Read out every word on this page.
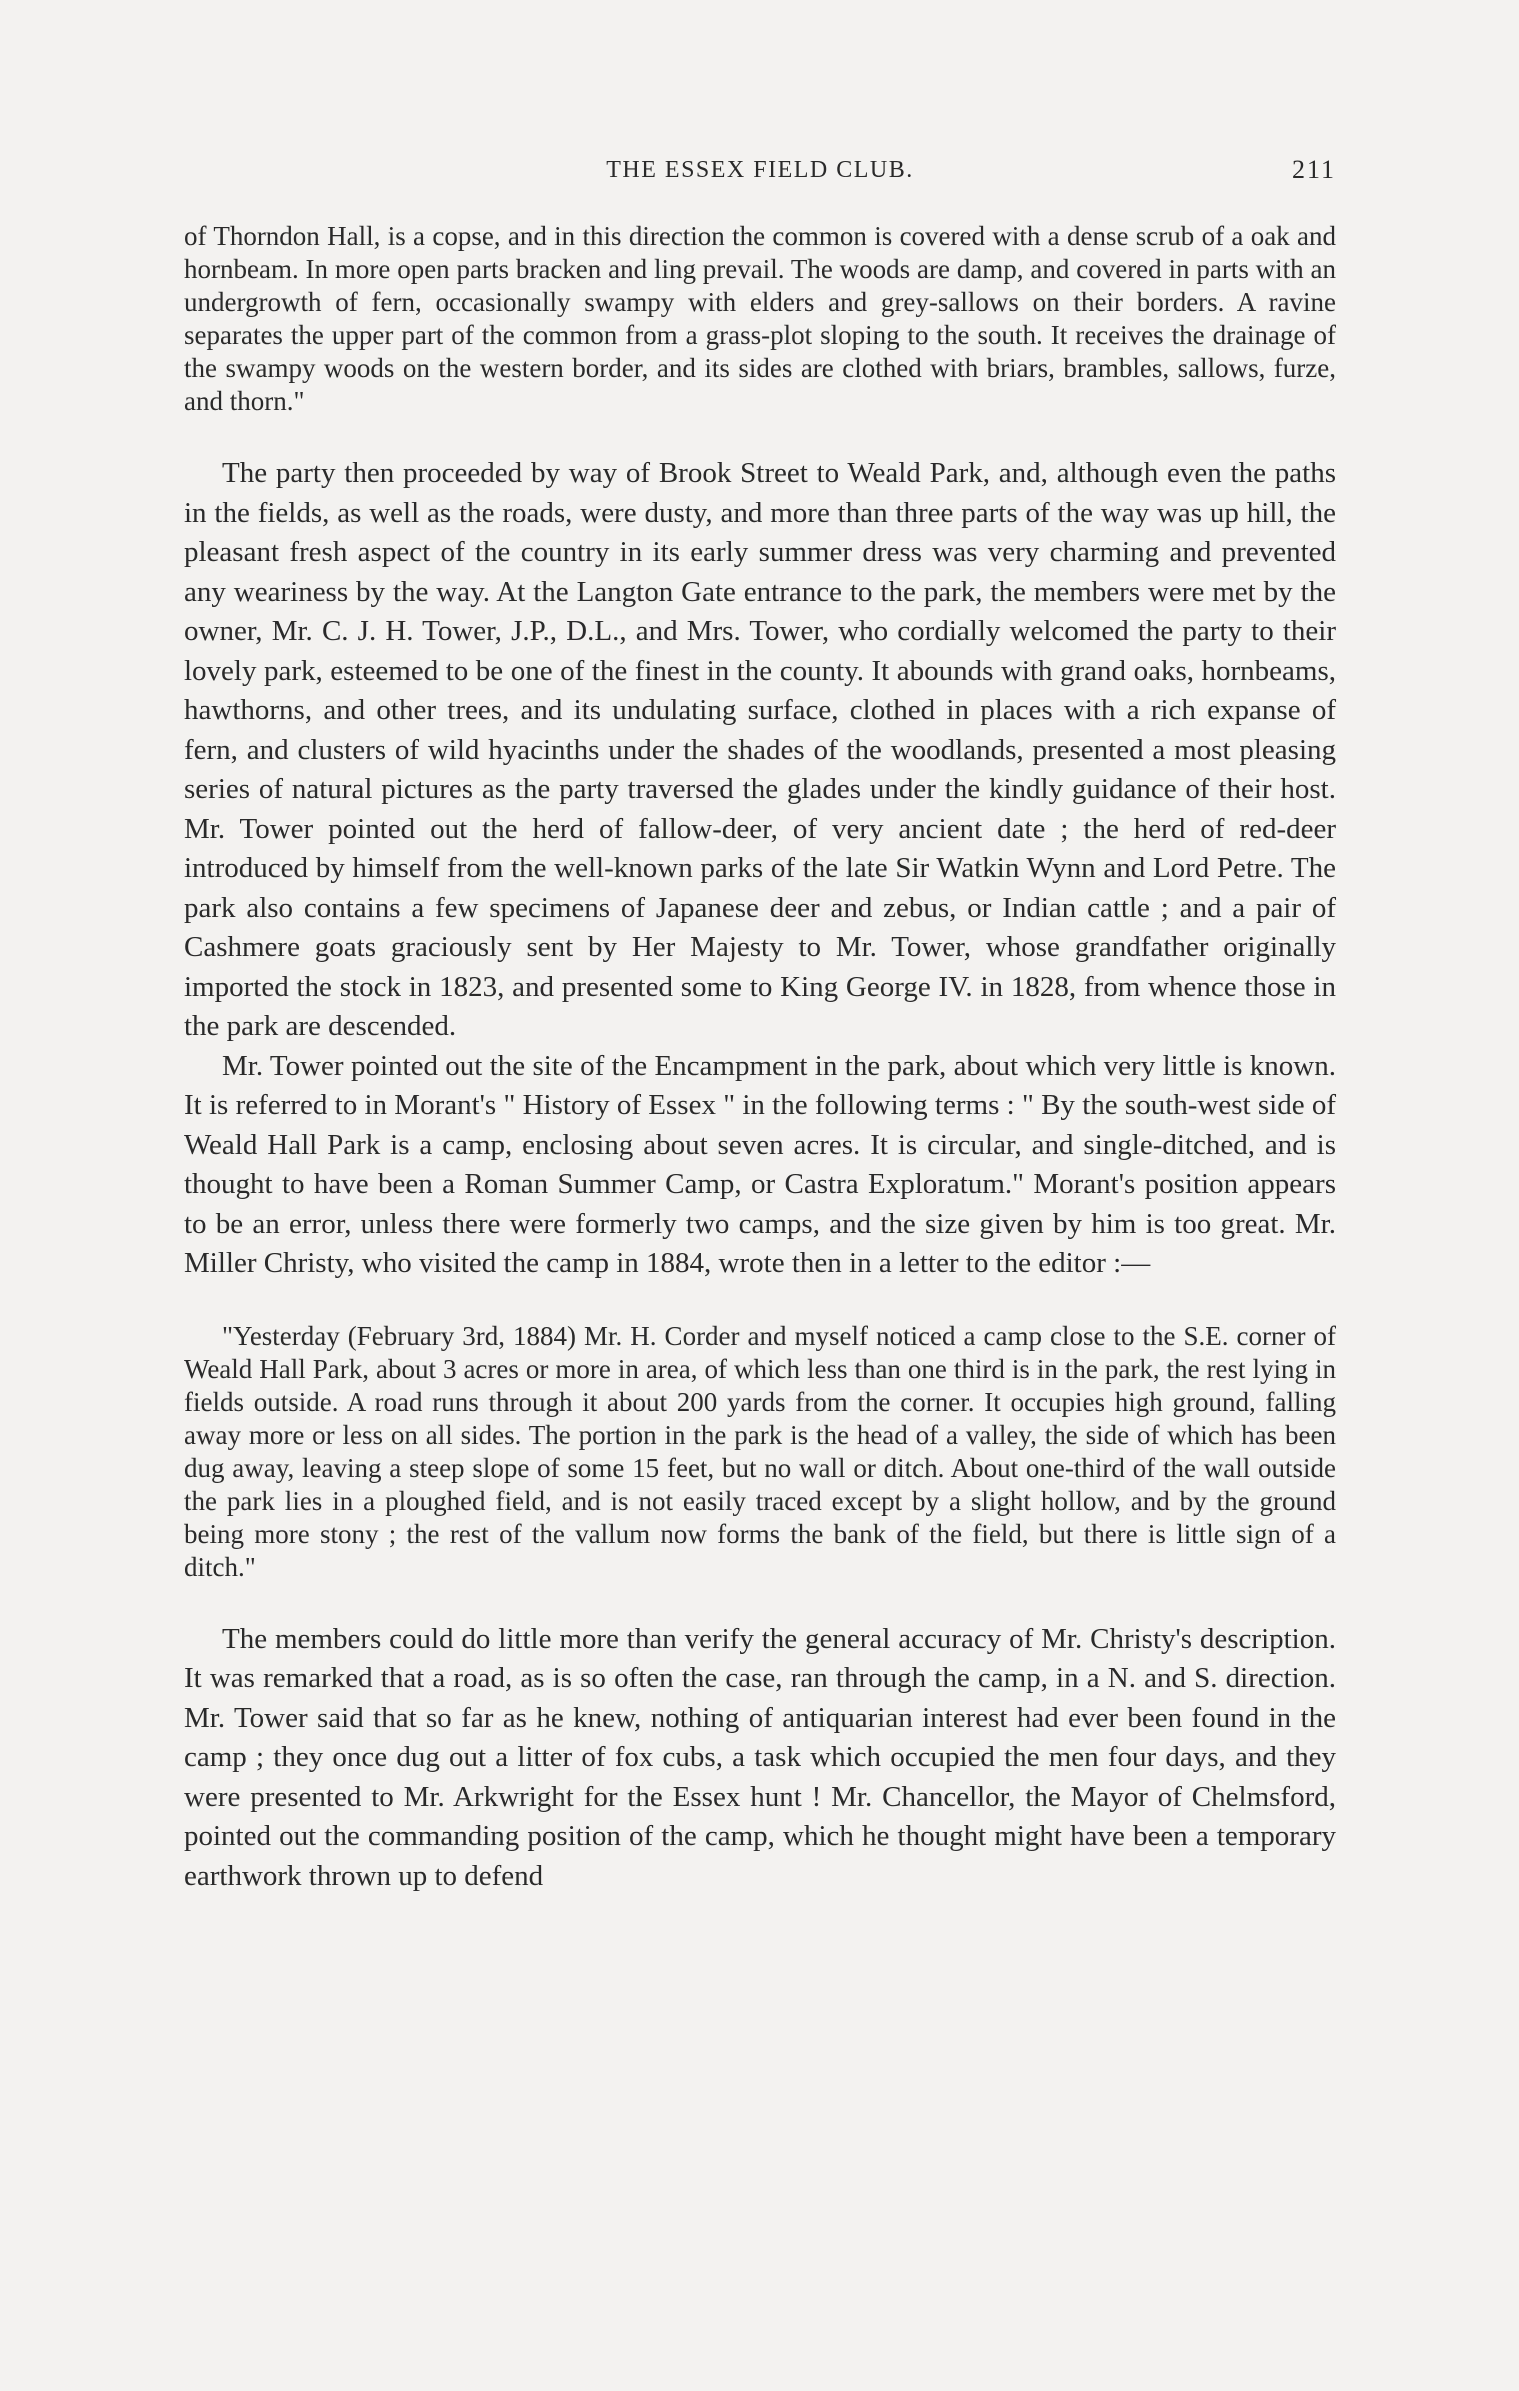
THE ESSEX FIELD CLUB.	211

of Thorndon Hall, is a copse, and in this direction the common is covered with a dense scrub of a oak and hornbeam. In more open parts bracken and ling prevail. The woods are damp, and covered in parts with an undergrowth of fern, occasionally swampy with elders and grey-sallows on their borders. A ravine separates the upper part of the common from a grass-plot sloping to the south. It receives the drainage of the swampy woods on the western border, and its sides are clothed with briars, brambles, sallows, furze, and thorn."

The party then proceeded by way of Brook Street to Weald Park, and, although even the paths in the fields, as well as the roads, were dusty, and more than three parts of the way was up hill, the pleasant fresh aspect of the country in its early summer dress was very charming and prevented any weariness by the way. At the Langton Gate entrance to the park, the members were met by the owner, Mr. C. J. H. Tower, J.P., D.L., and Mrs. Tower, who cordially welcomed the party to their lovely park, esteemed to be one of the finest in the county. It abounds with grand oaks, hornbeams, hawthorns, and other trees, and its undulating surface, clothed in places with a rich expanse of fern, and clusters of wild hyacinths under the shades of the woodlands, presented a most pleasing series of natural pictures as the party traversed the glades under the kindly guidance of their host. Mr. Tower pointed out the herd of fallow-deer, of very ancient date ; the herd of red-deer introduced by himself from the well-known parks of the late Sir Watkin Wynn and Lord Petre. The park also contains a few specimens of Japanese deer and zebus, or Indian cattle ; and a pair of Cashmere goats graciously sent by Her Majesty to Mr. Tower, whose grandfather originally imported the stock in 1823, and presented some to King George IV. in 1828, from whence those in the park are descended.

Mr. Tower pointed out the site of the Encampment in the park, about which very little is known. It is referred to in Morant's " History of Essex " in the following terms : " By the south-west side of Weald Hall Park is a camp, enclosing about seven acres. It is circular, and single-ditched, and is thought to have been a Roman Summer Camp, or Castra Exploratum." Morant's position appears to be an error, unless there were formerly two camps, and the size given by him is too great. Mr. Miller Christy, who visited the camp in 1884, wrote then in a letter to the editor :—

"Yesterday (February 3rd, 1884) Mr. H. Corder and myself noticed a camp close to the S.E. corner of Weald Hall Park, about 3 acres or more in area, of which less than one third is in the park, the rest lying in fields outside. A road runs through it about 200 yards from the corner. It occupies high ground, falling away more or less on all sides. The portion in the park is the head of a valley, the side of which has been dug away, leaving a steep slope of some 15 feet, but no wall or ditch. About one-third of the wall outside the park lies in a ploughed field, and is not easily traced except by a slight hollow, and by the ground being more stony ; the rest of the vallum now forms the bank of the field, but there is little sign of a ditch."

The members could do little more than verify the general accuracy of Mr. Christy's description. It was remarked that a road, as is so often the case, ran through the camp, in a N. and S. direction. Mr. Tower said that so far as he knew, nothing of antiquarian interest had ever been found in the camp ; they once dug out a litter of fox cubs, a task which occupied the men four days, and they were presented to Mr. Arkwright for the Essex hunt ! Mr. Chancellor, the Mayor of Chelmsford, pointed out the commanding position of the camp, which he thought might have been a temporary earthwork thrown up to defend
